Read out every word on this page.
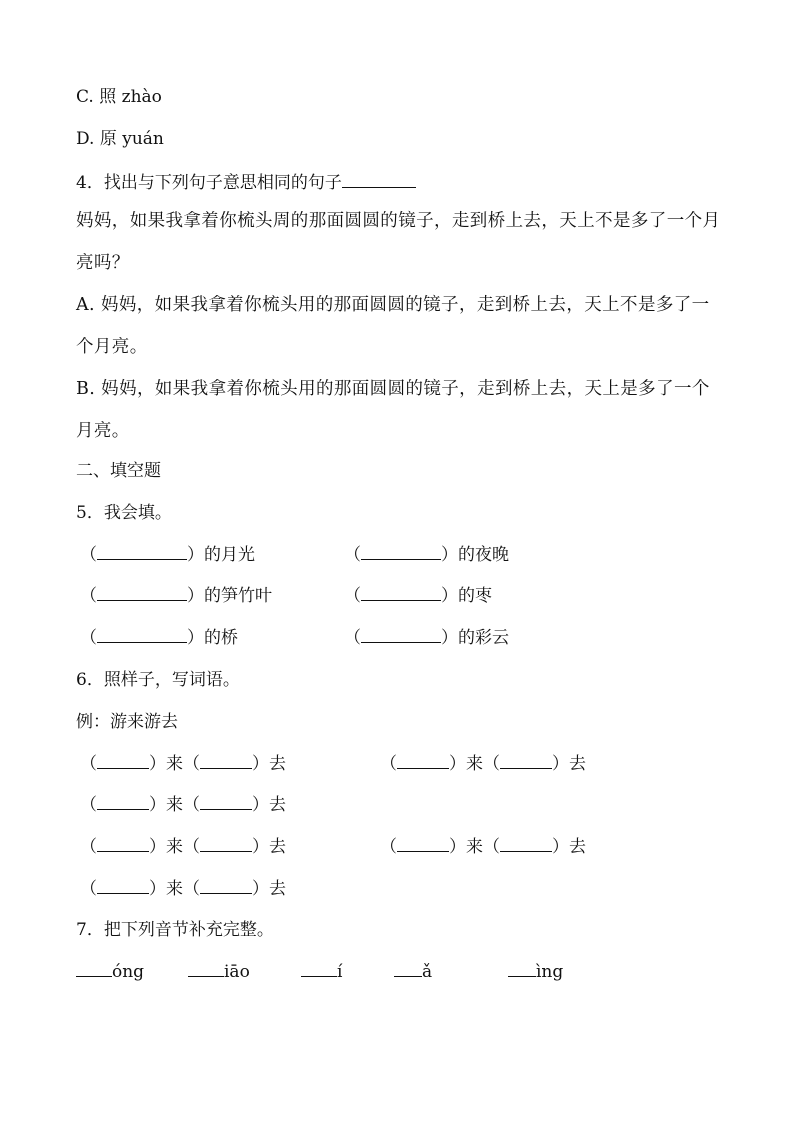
C. 照 zhào
D. 原 yuán
4．找出与下列句子意思相同的句子
妈妈，如果我拿着你梳头周的那面圆圆的镜子，走到桥上去，天上不是多了一个月亮吗？
A. 妈妈，如果我拿着你梳头用的那面圆圆的镜子，走到桥上去，天上不是多了一个月亮。
B. 妈妈，如果我拿着你梳头用的那面圆圆的镜子，走到桥上去，天上是多了一个月亮。
二、填空题
5．我会填。
（	）的月光	（	）的夜晚
（	）的笋竹叶	（	）的枣
（	）的桥	（	）的彩云
6．照样子，写词语。
例：游来游去
（	）来（	）去	（	）来（	）去
（	）来（	）去
（	）来（	）去	（	）来（	）去
（	）来（	）去
7．把下列音节补充完整。
óng	iāo	í	ǎ	ìng
